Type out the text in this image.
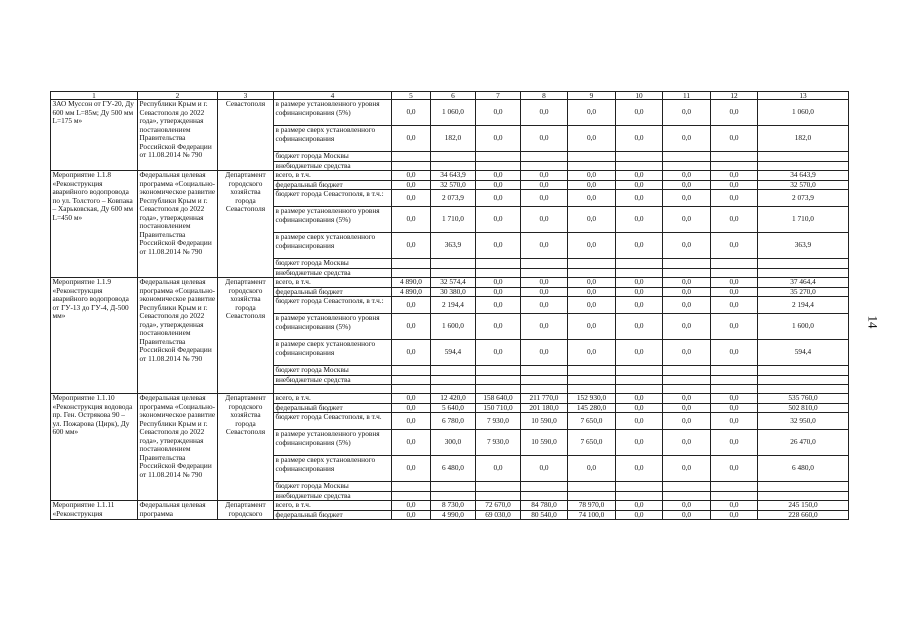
14
1	2	3	4	5	6	7	8	9	10	11	12	13
ЗАО Муссон от ГУ-20, Ду 600 мм L=85м; Ду 500 мм L=175 м»	Республики Крым и г. Севастополя до 2022 года», утвержденная постановлением Правительства Российской Федерации от 11.08.2014 № 790	Севастополя	в размере установленного уровня софинансирования (5%)	0,0	1 060,0	0,0	0,0	0,0	0,0	0,0	0,0	1 060,0
			в размере сверх установленного софинансирования	0,0	182,0	0,0	0,0	0,0	0,0	0,0	0,0	182,0
			бюджет города Москвы									
			внебюджетные средства									
Мероприятие 1.1.8 «Реконструкция аварийного водопровода по ул. Толстого – Ковпака – Харьковская, Ду 600 мм L=450 м»	Федеральная целевая программа «Социально-экономическое развитие Республики Крым и г. Севастополя до 2022 года», утвержденная постановлением Правительства Российской Федерации от 11.08.2014 № 790	Департамент городского хозяйства города Севастополя	всего, в т.ч.	0,0	34 643,9	0,0	0,0	0,0	0,0	0,0	0,0	34 643,9
			федеральный бюджет	0,0	32 570,0	0,0	0,0	0,0	0,0	0,0	0,0	32 570,0
			бюджет города Севастополя, в т.ч.:	0,0	2 073,9	0,0	0,0	0,0	0,0	0,0	0,0	2 073,9
			в размере установленного уровня софинансирования (5%)	0,0	1 710,0	0,0	0,0	0,0	0,0	0,0	0,0	1 710,0
			в размере сверх установленного софинансирования	0,0	363,9	0,0	0,0	0,0	0,0	0,0	0,0	363,9
			бюджет города Москвы									
			внебюджетные средства									
Мероприятие 1.1.9 «Реконструкция аварийного водопровода от ГУ-13 до ГУ-4, Д-500 мм»	Федеральная целевая программа «Социально-экономическое развитие Республики Крым и г. Севастополя до 2022 года», утвержденная постановлением Правительства Российской Федерации от 11.08.2014 № 790	Департамент городского хозяйства города Севастополя	всего, в т.ч.	4 890,0	32 574,4	0,0	0,0	0,0	0,0	0,0	0,0	37 464,4
			федеральный бюджет	4 890,0	30 380,0	0,0	0,0	0,0	0,0	0,0	0,0	35 270,0
			бюджет города Севастополя, в т.ч.:	0,0	2 194,4	0,0	0,0	0,0	0,0	0,0	0,0	2 194,4
			в размере установленного уровня софинансирования (5%)	0,0	1 600,0	0,0	0,0	0,0	0,0	0,0	0,0	1 600,0
			в размере сверх установленного софинансирования	0,0	594,4	0,0	0,0	0,0	0,0	0,0	0,0	594,4
			бюджет города Москвы									
			внебюджетные средства									

Мероприятие 1.1.10 «Реконструкция водовода пр. Ген. Острякова 90 – ул. Пожарова (Цирк), Ду 600 мм»	Федеральная целевая программа «Социально-экономическое развитие Республики Крым и г. Севастополя до 2022 года», утвержденная постановлением Правительства Российской Федерации от 11.08.2014 № 790	Департамент городского хозяйства города Севастополя	всего, в т.ч.	0,0	12 420,0	158 640,0	211 770,0	152 930,0	0,0	0,0	0,0	535 760,0
			федеральный бюджет	0,0	5 640,0	150 710,0	201 180,0	145 280,0	0,0	0,0	0,0	502 810,0
			бюджет города Севастополя, в т.ч.	0,0	6 780,0	7 930,0	10 590,0	7 650,0	0,0	0,0	0,0	32 950,0
			в размере установленного уровня софинансирования (5%)	0,0	300,0	7 930,0	10 590,0	7 650,0	0,0	0,0	0,0	26 470,0
			в размере сверх установленного софинансирования	0,0	6 480,0	0,0	0,0	0,0	0,0	0,0	0,0	6 480,0
			бюджет города Москвы									
			внебюджетные средства									
Мероприятие 1.1.11 «Реконструкция	Федеральная целевая программа	Департамент городского	всего, в т.ч.	0,0	8 730,0	72 670,0	84 780,0	78 970,0	0,0	0,0	0,0	245 150,0
			федеральный бюджет	0,0	4 990,0	69 030,0	80 540,0	74 100,0	0,0	0,0	0,0	228 660,0
